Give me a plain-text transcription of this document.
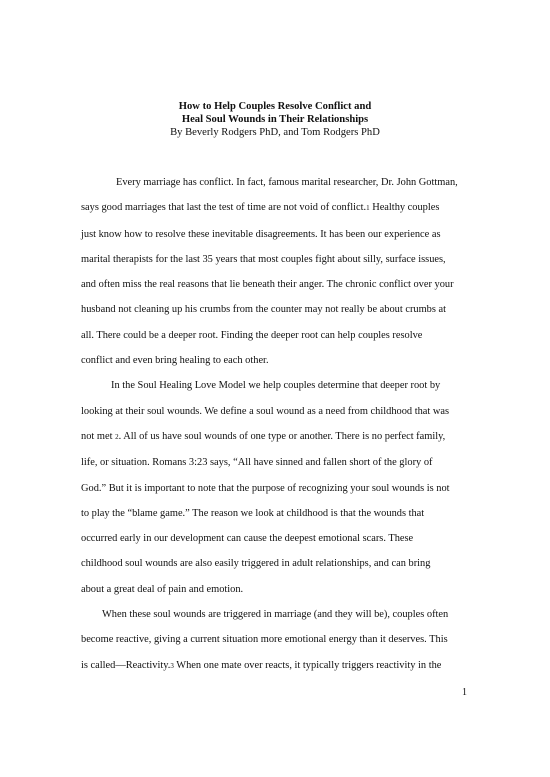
How to Help Couples Resolve Conflict and
Heal Soul Wounds in Their Relationships
By Beverly Rodgers PhD, and Tom Rodgers PhD

Every marriage has conflict. In fact, famous marital researcher, Dr. John Gottman,
says good marriages that last the test of time are not void of conflict.1 Healthy couples
just know how to resolve these inevitable disagreements. It has been our experience as
marital therapists for the last 35 years that most couples fight about silly, surface issues,
and often miss the real reasons that lie beneath their anger. The chronic conflict over your
husband not cleaning up his crumbs from the counter may not really be about crumbs at
all. There could be a deeper root. Finding the deeper root can help couples resolve
conflict and even bring healing to each other.

In the Soul Healing Love Model we help couples determine that deeper root by
looking at their soul wounds. We define a soul wound as a need from childhood that was
not met 2. All of us have soul wounds of one type or another. There is no perfect family,
life, or situation. Romans 3:23 says, “All have sinned and fallen short of the glory of
God.” But it is important to note that the purpose of recognizing your soul wounds is not
to play the “blame game.” The reason we look at childhood is that the wounds that
occurred early in our development can cause the deepest emotional scars. These
childhood soul wounds are also easily triggered in adult relationships, and can bring
about a great deal of pain and emotion.

When these soul wounds are triggered in marriage (and they will be), couples often
become reactive, giving a current situation more emotional energy than it deserves. This
is called—Reactivity.3 When one mate over reacts, it typically triggers reactivity in the

1
